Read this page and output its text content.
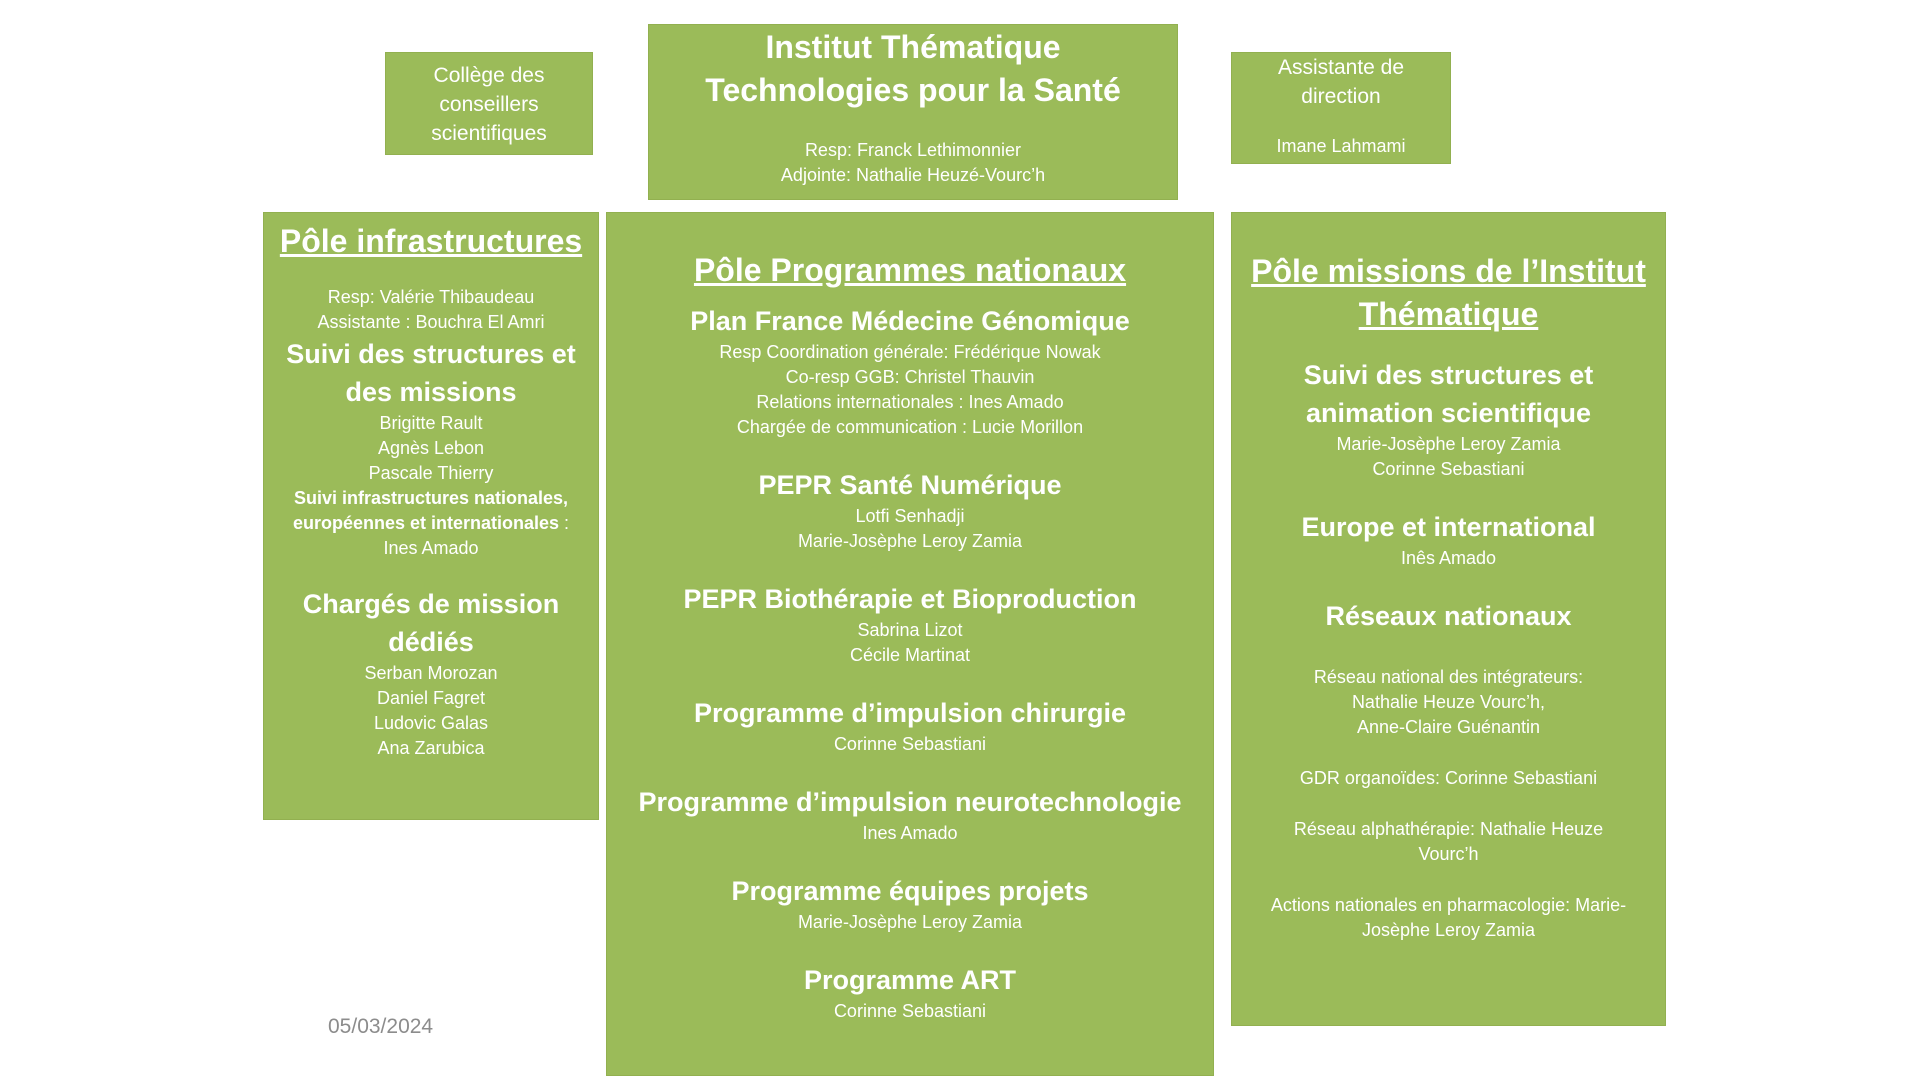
Collège des
conseillers
scientifiques
Institut Thématique
Technologies pour la Santé
Resp: Franck Lethimonnier
Adjointe: Nathalie Heuzé-Vourc’h
Assistante de
direction
Imane Lahmami
Pôle infrastructures
Resp: Valérie Thibaudeau
Assistante : Bouchra El Amri
Suivi des structures et
des missions
Brigitte Rault
Agnès Lebon
Pascale Thierry
Suivi infrastructures nationales,
européennes et internationales :
Ines Amado
Chargés de mission
dédiés
Serban Morozan
Daniel Fagret
Ludovic Galas
Ana Zarubica
Pôle Programmes nationaux
Plan France Médecine Génomique
Resp Coordination générale: Frédérique Nowak
Co-resp GGB: Christel Thauvin
Relations internationales : Ines Amado
Chargée de communication : Lucie Morillon
PEPR Santé Numérique
Lotfi Senhadji
Marie-Josèphe Leroy Zamia
PEPR Biothérapie et Bioproduction
Sabrina Lizot
Cécile Martinat
Programme d’impulsion chirurgie
Corinne Sebastiani
Programme d’impulsion neurotechnologie
Ines Amado
Programme équipes projets
Marie-Josèphe Leroy Zamia
Programme ART
Corinne Sebastiani
Pôle missions de l’Institut
Thématique
Suivi des structures et
animation scientifique
Marie-Josèphe Leroy Zamia
Corinne Sebastiani
Europe et international
Inês Amado
Réseaux nationaux
Réseau national des intégrateurs:
Nathalie Heuze Vourc’h,
Anne-Claire Guénantin
GDR organoïdes: Corinne Sebastiani
Réseau alphathérapie: Nathalie Heuze
Vourc’h
Actions nationales en pharmacologie: Marie-
Josèphe Leroy Zamia
05/03/2024
